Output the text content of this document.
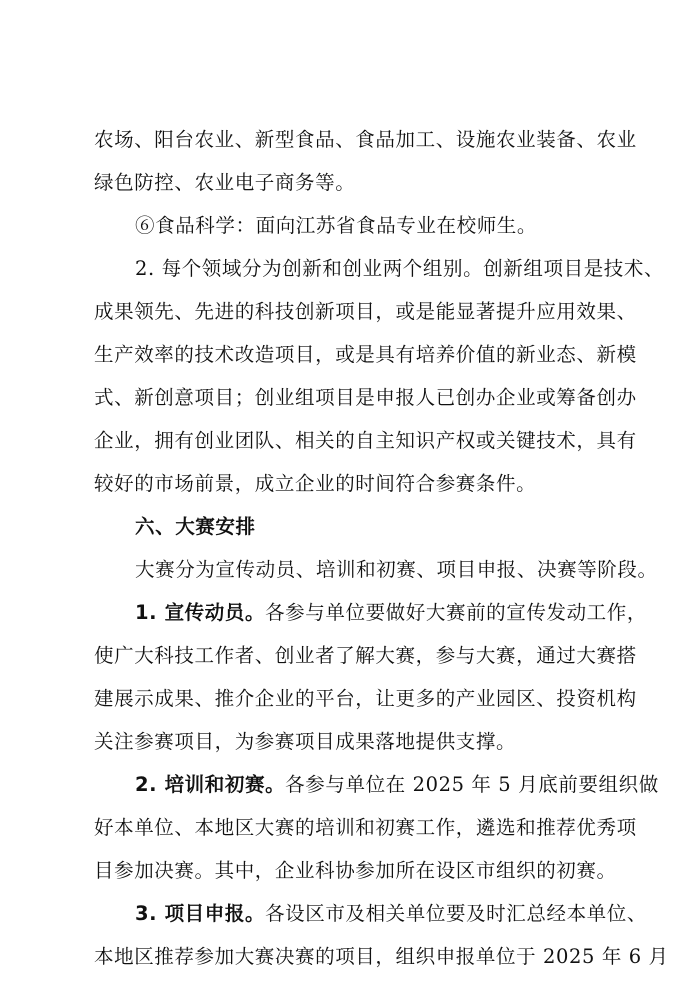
农场、阳台农业、新型食品、食品加工、设施农业装备、农业
绿色防控、农业电子商务等。
⑥食品科学：面向江苏省食品专业在校师生。
2. 每个领域分为创新和创业两个组别。创新组项目是技术、
成果领先、先进的科技创新项目，或是能显著提升应用效果、
生产效率的技术改造项目，或是具有培养价值的新业态、新模
式、新创意项目；创业组项目是申报人已创办企业或筹备创办
企业，拥有创业团队、相关的自主知识产权或关键技术，具有
较好的市场前景，成立企业的时间符合参赛条件。
六、大赛安排
大赛分为宣传动员、培训和初赛、项目申报、决赛等阶段。
1. 宣传动员。各参与单位要做好大赛前的宣传发动工作，
使广大科技工作者、创业者了解大赛，参与大赛，通过大赛搭
建展示成果、推介企业的平台，让更多的产业园区、投资机构
关注参赛项目，为参赛项目成果落地提供支撑。
2. 培训和初赛。各参与单位在 2025 年 5 月底前要组织做
好本单位、本地区大赛的培训和初赛工作，遴选和推荐优秀项
目参加决赛。其中，企业科协参加所在设区市组织的初赛。
3. 项目申报。各设区市及相关单位要及时汇总经本单位、
本地区推荐参加大赛决赛的项目，组织申报单位于 2025 年 6 月
